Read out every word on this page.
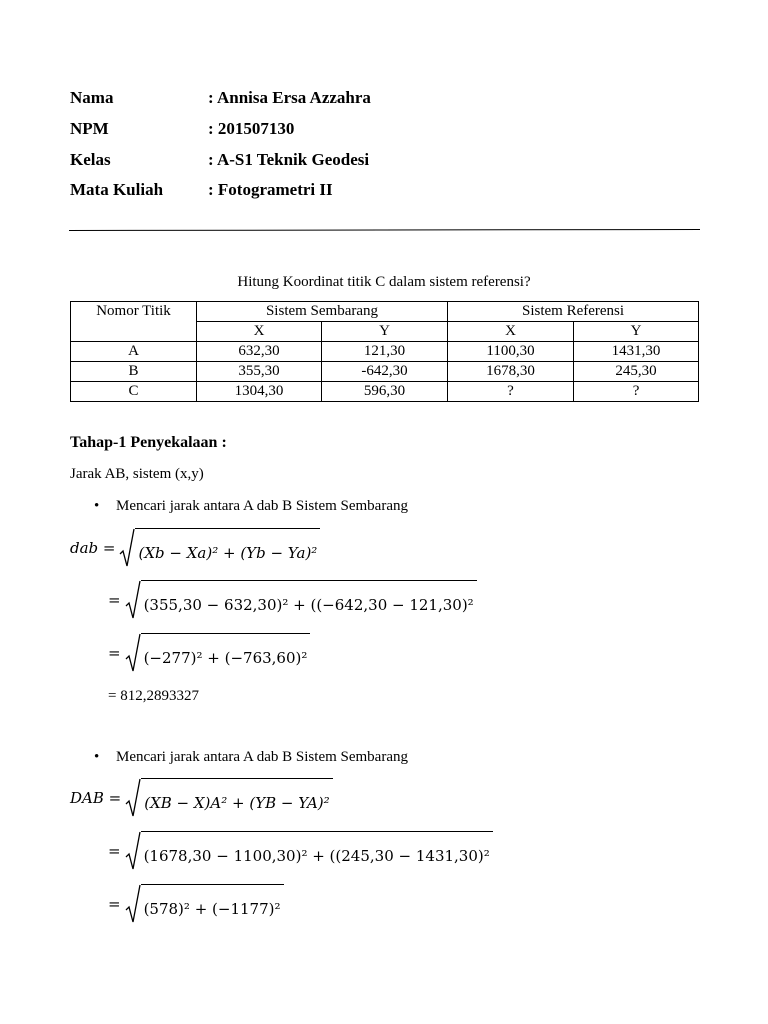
Nama	: Annisa Ersa Azzahra
NPM	: 201507130
Kelas	: A-S1 Teknik Geodesi
Mata Kuliah	: Fotogrametri II
Hitung Koordinat titik C dalam sistem referensi?
Nomor Titik	Sistem Sembarang		Sistem Referensi	
	X	Y	X	Y
A	632,30	121,30	1100,30	1431,30
B	355,30	-642,30	1678,30	245,30
C	1304,30	596,30	?	?
Tahap-1 Penyekalaan :
Jarak AB, sistem (x,y)
• Mencari jarak antara A dab B Sistem Sembarang
dab = (Xb − Xa)² + (Yb − Ya)²
= (355,30 − 632,30)² + ((−642,30 − 121,30)²
= (−277)² + (−763,60)²
= 812,2893327
• Mencari jarak antara A dab B Sistem Sembarang
DAB = (XB − X)A² + (YB − YA)²
= (1678,30 − 1100,30)² + ((245,30 − 1431,30)²
= (578)² + (−1177)²
